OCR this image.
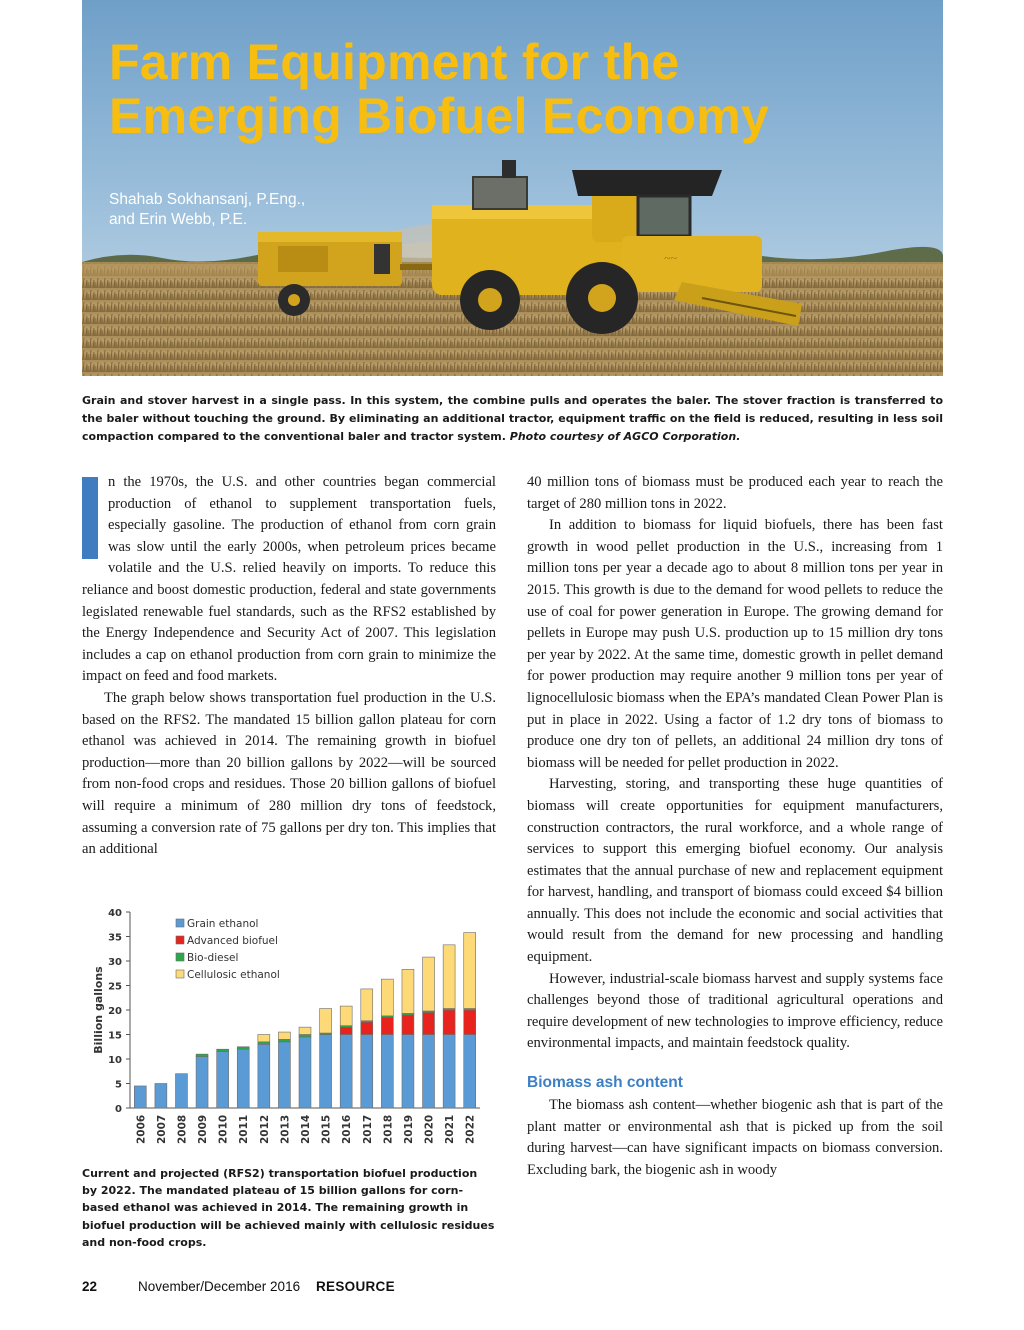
~~
Farm Equipment for the
Emerging Biofuel Economy
Shahab Sokhansanj, P.Eng.,
and Erin Webb, P.E.
Grain and stover harvest in a single pass. In this system, the combine pulls and operates the baler. The stover fraction is transferred to the baler without touching the ground. By eliminating an additional tractor, equipment traffic on the field is reduced, resulting in less soil compaction compared to the conventional baler and tractor system. Photo courtesy of AGCO Corporation.

n the 1970s, the U.S. and other countries began commercial production of ethanol to supplement transportation fuels, especially gasoline. The production of ethanol from corn grain was slow until the early 2000s, when petroleum prices became volatile and the U.S. relied heavily on imports. To reduce this reliance and boost domestic production, federal and state governments legislated renewable fuel standards, such as the RFS2 established by the Energy Independence and Security Act of 2007. This legislation includes a cap on ethanol production from corn grain to minimize the impact on feed and food markets.

The graph below shows transportation fuel production in the U.S. based on the RFS2. The mandated 15 billion gallon plateau for corn ethanol was achieved in 2014. The remaining growth in biofuel production—more than 20 billion gallons by 2022—will be sourced from non-food crops and residues. Those 20 billion gallons of biofuel will require a minimum of 280 million dry tons of feedstock, assuming a conversion rate of 75 gallons per dry ton. This implies that an additional

0
5
10
15
20
25
30
35
40
Billion gallons
2006 2007 2008 2009 2010 2011 2012 2013 2014 2015 2016 2017 2018 2019 2020 2021 2022
Grain ethanol
Advanced biofuel
Bio-diesel
Cellulosic ethanol
Current and projected (RFS2) transportation biofuel production by 2022. The mandated plateau of 15 billion gallons for corn-based ethanol was achieved in 2014. The remaining growth in biofuel production will be achieved mainly with cellulosic residues and non-food crops.

40 million tons of biomass must be produced each year to reach the target of 280 million tons in 2022.

In addition to biomass for liquid biofuels, there has been fast growth in wood pellet production in the U.S., increasing from 1 million tons per year a decade ago to about 8 million tons per year in 2015. This growth is due to the demand for wood pellets to reduce the use of coal for power generation in Europe. The growing demand for pellets in Europe may push U.S. production up to 15 million dry tons per year by 2022. At the same time, domestic growth in pellet demand for power production may require another 9 million tons per year of lignocellulosic biomass when the EPA’s mandated Clean Power Plan is put in place in 2022. Using a factor of 1.2 dry tons of biomass to produce one dry ton of pellets, an additional 24 million dry tons of biomass will be needed for pellet production in 2022.

Harvesting, storing, and transporting these huge quantities of biomass will create opportunities for equipment manufacturers, construction contractors, the rural workforce, and a whole range of services to support this emerging biofuel economy. Our analysis estimates that the annual purchase of new and replacement equipment for harvest, handling, and transport of biomass could exceed $4 billion annually. This does not include the economic and social activities that would result from the demand for new processing and handling equipment.

However, industrial-scale biomass harvest and supply systems face challenges beyond those of traditional agricultural operations and require development of new technologies to improve efficiency, reduce environmental impacts, and maintain feedstock quality.

Biomass ash content

The biomass ash content—whether biogenic ash that is part of the plant matter or environmental ash that is picked up from the soil during harvest—can have significant impacts on biomass conversion. Excluding bark, the biogenic ash in woody

22	November/December 2016 RESOURCE
